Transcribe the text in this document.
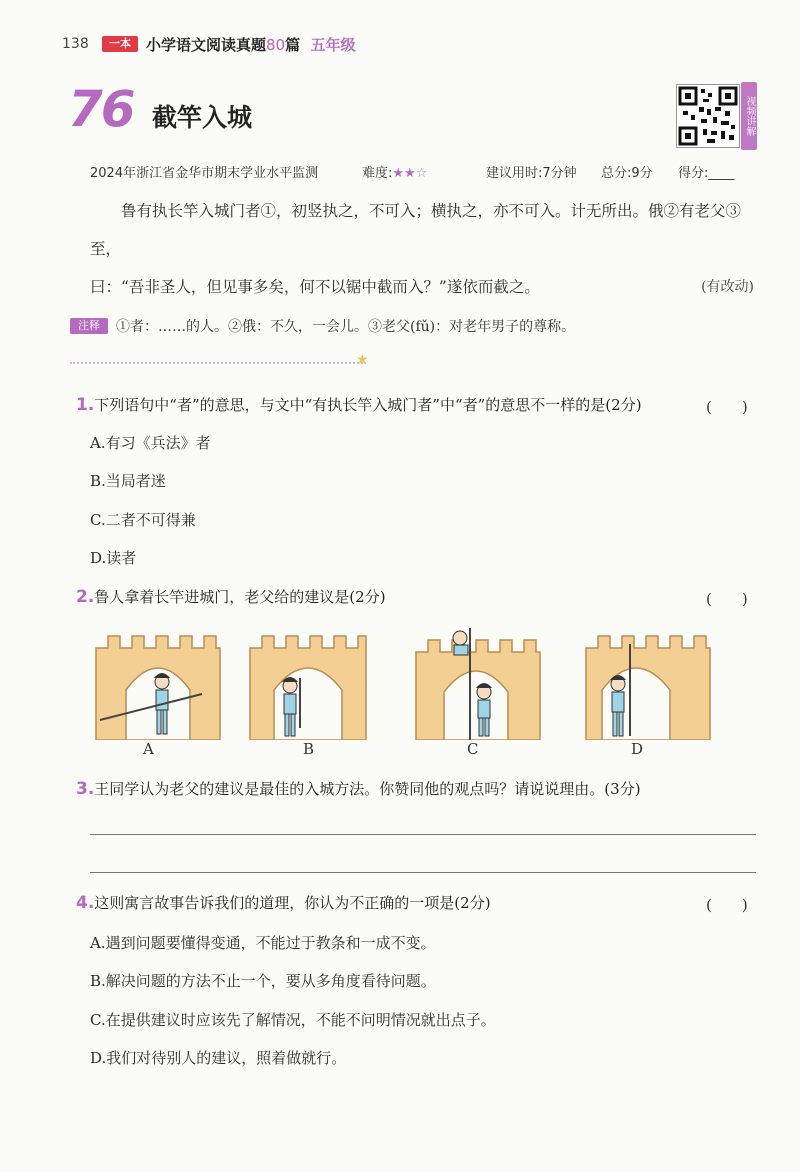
138	一本	小学语文阅读真题80篇 五年级
76 截竿入城	视频讲解
2024年浙江省金华市期末学业水平监测	难度:★★☆	建议用时:7分钟 总分:9分 得分:____

鲁有执长竿入城门者①，初竖执之，不可入；横执之，亦不可入。计无所出。俄②有老父③至，

曰：“吾非圣人，但见事多矣，何不以锯中截而入？”遂依而截之。	(有改动)
注释	①者：……的人。②俄：不久，一会儿。③老父(fǔ)：对老年男子的尊称。
★
1.下列语句中“者”的意思，与文中“有执长竿入城门者”中“者”的意思不一样的是(2分)	(　　)
A.有习《兵法》者
B.当局者迷
C.二者不可得兼
D.读者
2.鲁人拿着长竿进城门，老父给的建议是(2分)	(　　)
A	B	C	D
3.王同学认为老父的建议是最佳的入城方法。你赞同他的观点吗？请说说理由。(3分)
4.这则寓言故事告诉我们的道理，你认为不正确的一项是(2分)	(　　)
A.遇到问题要懂得变通，不能过于教条和一成不变。
B.解决问题的方法不止一个，要从多角度看待问题。
C.在提供建议时应该先了解情况，不能不问明情况就出点子。
D.我们对待别人的建议，照着做就行。
